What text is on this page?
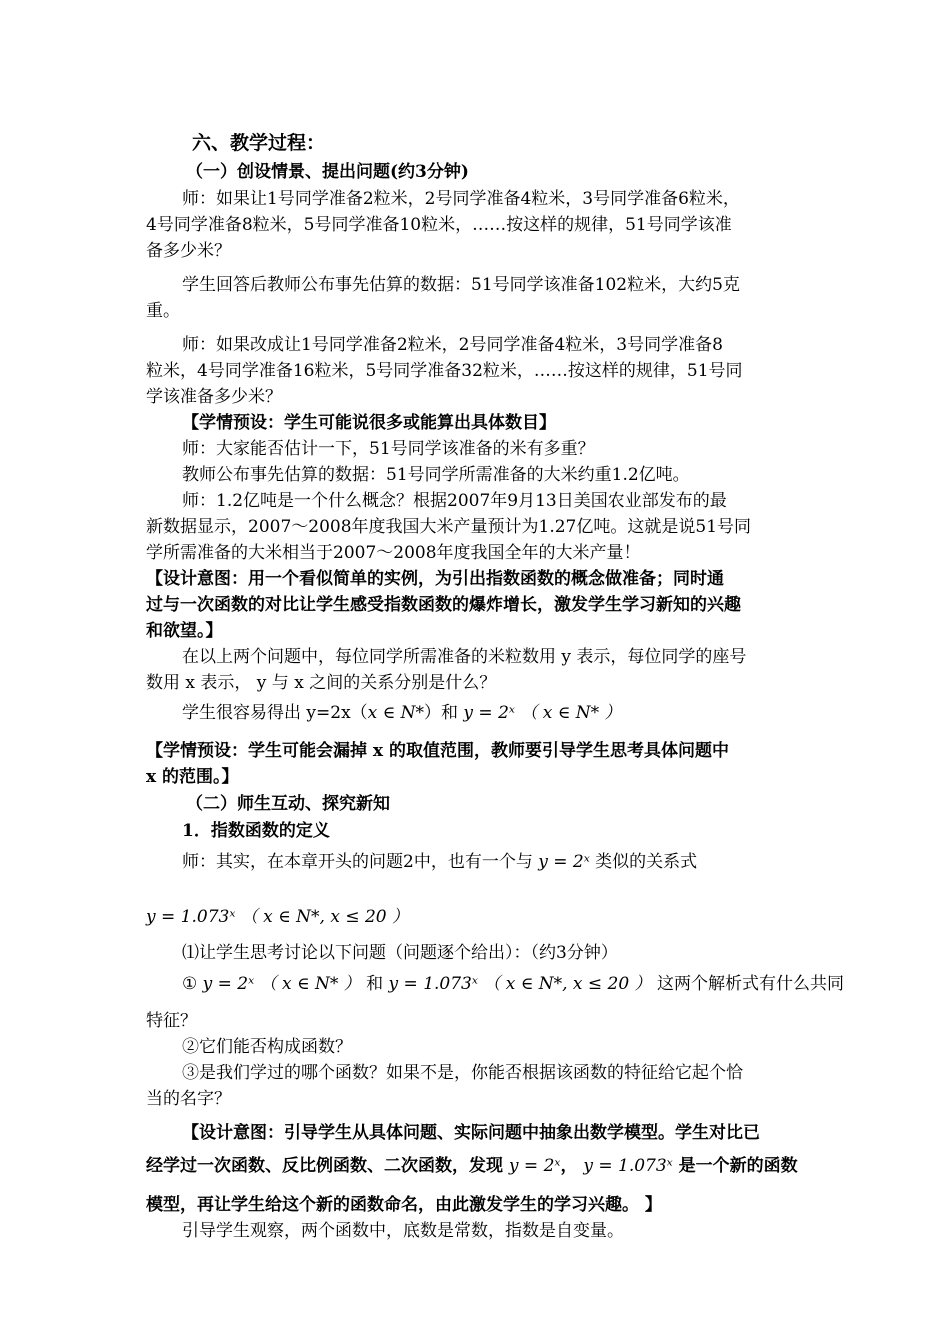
六、教学过程：
（一）创设情景、提出问题(约3分钟)
师：如果让1号同学准备2粒米，2号同学准备4粒米，3号同学准备6粒米，
4号同学准备8粒米，5号同学准备10粒米，……按这样的规律，51号同学该准
备多少米？
学生回答后教师公布事先估算的数据：51号同学该准备102粒米，大约5克
重。
师：如果改成让1号同学准备2粒米，2号同学准备4粒米，3号同学准备8
粒米，4号同学准备16粒米，5号同学准备32粒米，……按这样的规律，51号同
学该准备多少米？
【学情预设：学生可能说很多或能算出具体数目】
师：大家能否估计一下，51号同学该准备的米有多重？
教师公布事先估算的数据：51号同学所需准备的大米约重1.2亿吨。
师：1.2亿吨是一个什么概念？根据2007年9月13日美国农业部发布的最
新数据显示，2007～2008年度我国大米产量预计为1.27亿吨。这就是说51号同
学所需准备的大米相当于2007～2008年度我国全年的大米产量！
【设计意图：用一个看似简单的实例，为引出指数函数的概念做准备；同时通
过与一次函数的对比让学生感受指数函数的爆炸增长，激发学生学习新知的兴趣
和欲望。】
在以上两个问题中，每位同学所需准备的米粒数用 y 表示，每位同学的座号
数用 x 表示， y 与 x 之间的关系分别是什么？
学生很容易得出 y=2x（x ∈ N*）和 y = 2ˣ （ x ∈ N* ）
【学情预设：学生可能会漏掉 x 的取值范围，教师要引导学生思考具体问题中
x 的范围。】
（二）师生互动、探究新知
1．指数函数的定义
师：其实，在本章开头的问题2中，也有一个与 y = 2ˣ 类似的关系式
y = 1.073ˣ （ x ∈ N*, x ≤ 20 ）
⑴让学生思考讨论以下问题（问题逐个给出）：（约3分钟）
① y = 2ˣ （ x ∈ N* ） 和 y = 1.073ˣ （ x ∈ N*, x ≤ 20 ） 这两个解析式有什么共同
特征？
②它们能否构成函数？
③是我们学过的哪个函数？如果不是，你能否根据该函数的特征给它起个恰
当的名字？
【设计意图：引导学生从具体问题、实际问题中抽象出数学模型。学生对比已
经学过一次函数、反比例函数、二次函数，发现 y = 2ˣ， y = 1.073ˣ 是一个新的函数
模型，再让学生给这个新的函数命名，由此激发学生的学习兴趣。 】
引导学生观察，两个函数中，底数是常数，指数是自变量。
